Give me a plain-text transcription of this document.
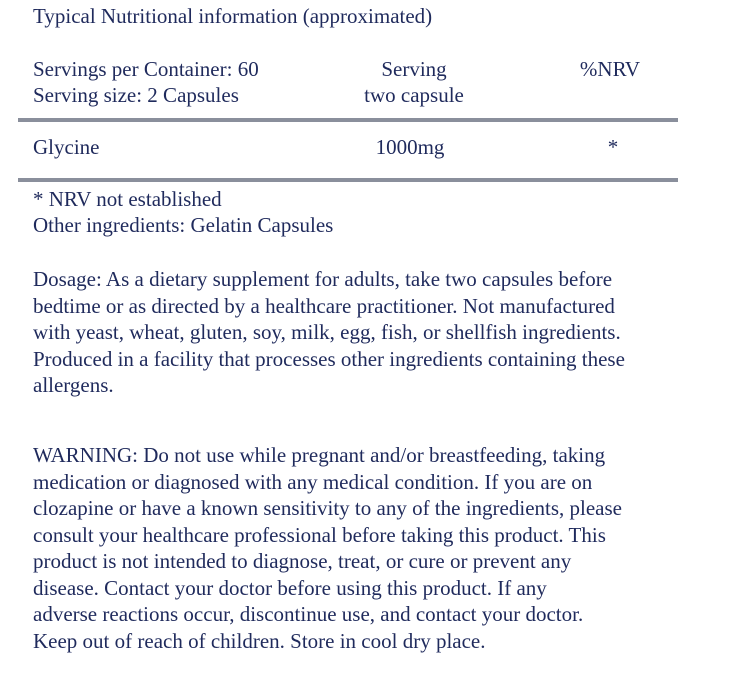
Typical Nutritional information (approximated)
Servings per Container: 60
Serving size: 2 Capsules
Serving
two capsule
%NRV
Glycine	1000mg	*
* NRV not established
Other ingredients: Gelatin Capsules
Dosage: As a dietary supplement for adults, take two capsules before
bedtime or as directed by a healthcare practitioner. Not manufactured
with yeast, wheat, gluten, soy, milk, egg, fish, or shellfish ingredients.
Produced in a facility that processes other ingredients containing these
allergens.
WARNING: Do not use while pregnant and/or breastfeeding, taking
medication or diagnosed with any medical condition. If you are on
clozapine or have a known sensitivity to any of the ingredients, please
consult your healthcare professional before taking this product. This
product is not intended to diagnose, treat, or cure or prevent any
disease. Contact your doctor before using this product. If any
adverse reactions occur, discontinue use, and contact your doctor.
Keep out of reach of children. Store in cool dry place.
